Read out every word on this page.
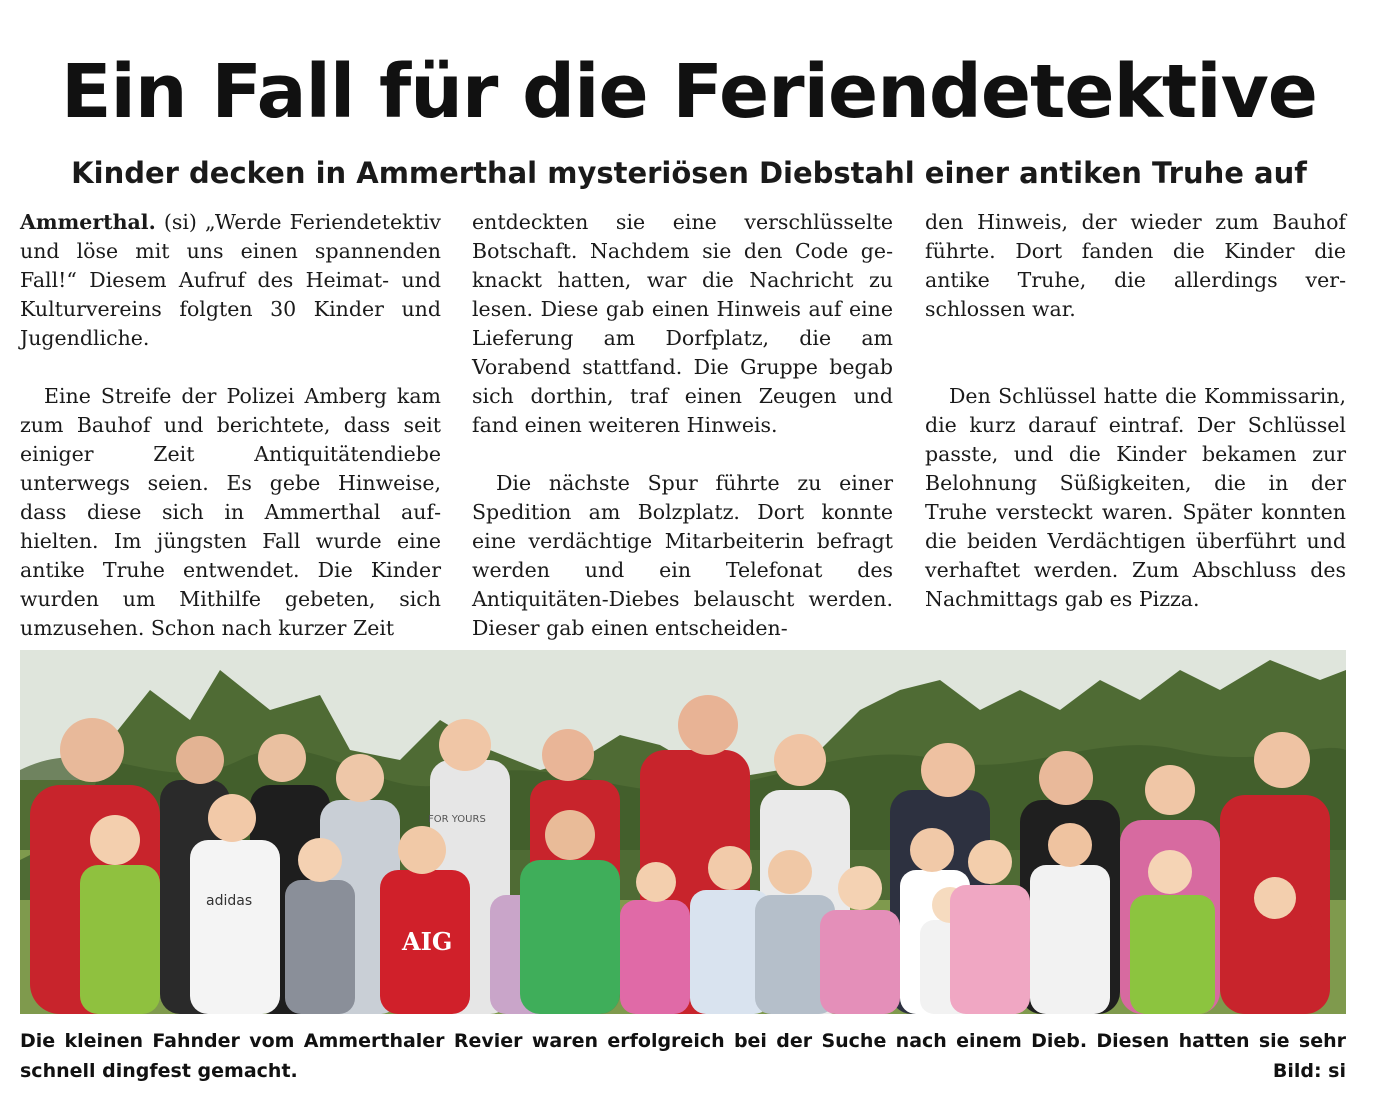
Ein Fall für die Feriendetektive
Kinder decken in Ammerthal mysteriösen Diebstahl einer antiken Truhe auf

Ammerthal. (si) „Werde Feriendetektiv und löse mit uns einen spannenden Fall!“ Diesem Aufruf des Heimat- und Kulturvereins folgten 30 Kinder und Jugendliche.

Eine Streife der Polizei Amberg kam zum Bauhof und berichtete, dass seit einiger Zeit Antiquitätendiebe unterwegs seien. Es gebe Hinweise, dass diese sich in Ammerthal aufhielten. Im jüngsten Fall wurde eine antike Truhe entwendet. Die Kinder wurden um Mithilfe gebeten, sich umzusehen. Schon nach kurzer Zeit

entdeckten sie eine verschlüsselte Botschaft. Nachdem sie den Code geknackt hatten, war die Nachricht zu lesen. Diese gab einen Hinweis auf eine Lieferung am Dorfplatz, die am Vorabend stattfand. Die Gruppe begab sich dorthin, traf einen Zeugen und fand einen weiteren Hinweis.

Die nächste Spur führte zu einer Spedition am Bolzplatz. Dort konnte eine verdächtige Mitarbeiterin befragt werden und ein Telefonat des Antiquitäten-Diebes belauscht werden. Dieser gab einen entscheiden-

den Hinweis, der wieder zum Bauhof führte. Dort fanden die Kinder die antike Truhe, die allerdings verschlossen war.

Den Schlüssel hatte die Kommissarin, die kurz darauf eintraf. Der Schlüssel passte, und die Kinder bekamen zur Belohnung Süßigkeiten, die in der Truhe versteckt waren. Später konnten die beiden Verdächtigen überführt und verhaftet werden. Zum Abschluss des Nachmittags gab es Pizza.

adidas
AIG
FOR YOURS

Die kleinen Fahnder vom Ammerthaler Revier waren erfolgreich bei der Suche nach einem Dieb. Diesen hatten sie sehr schnell dingfest gemacht.	Bild: si
